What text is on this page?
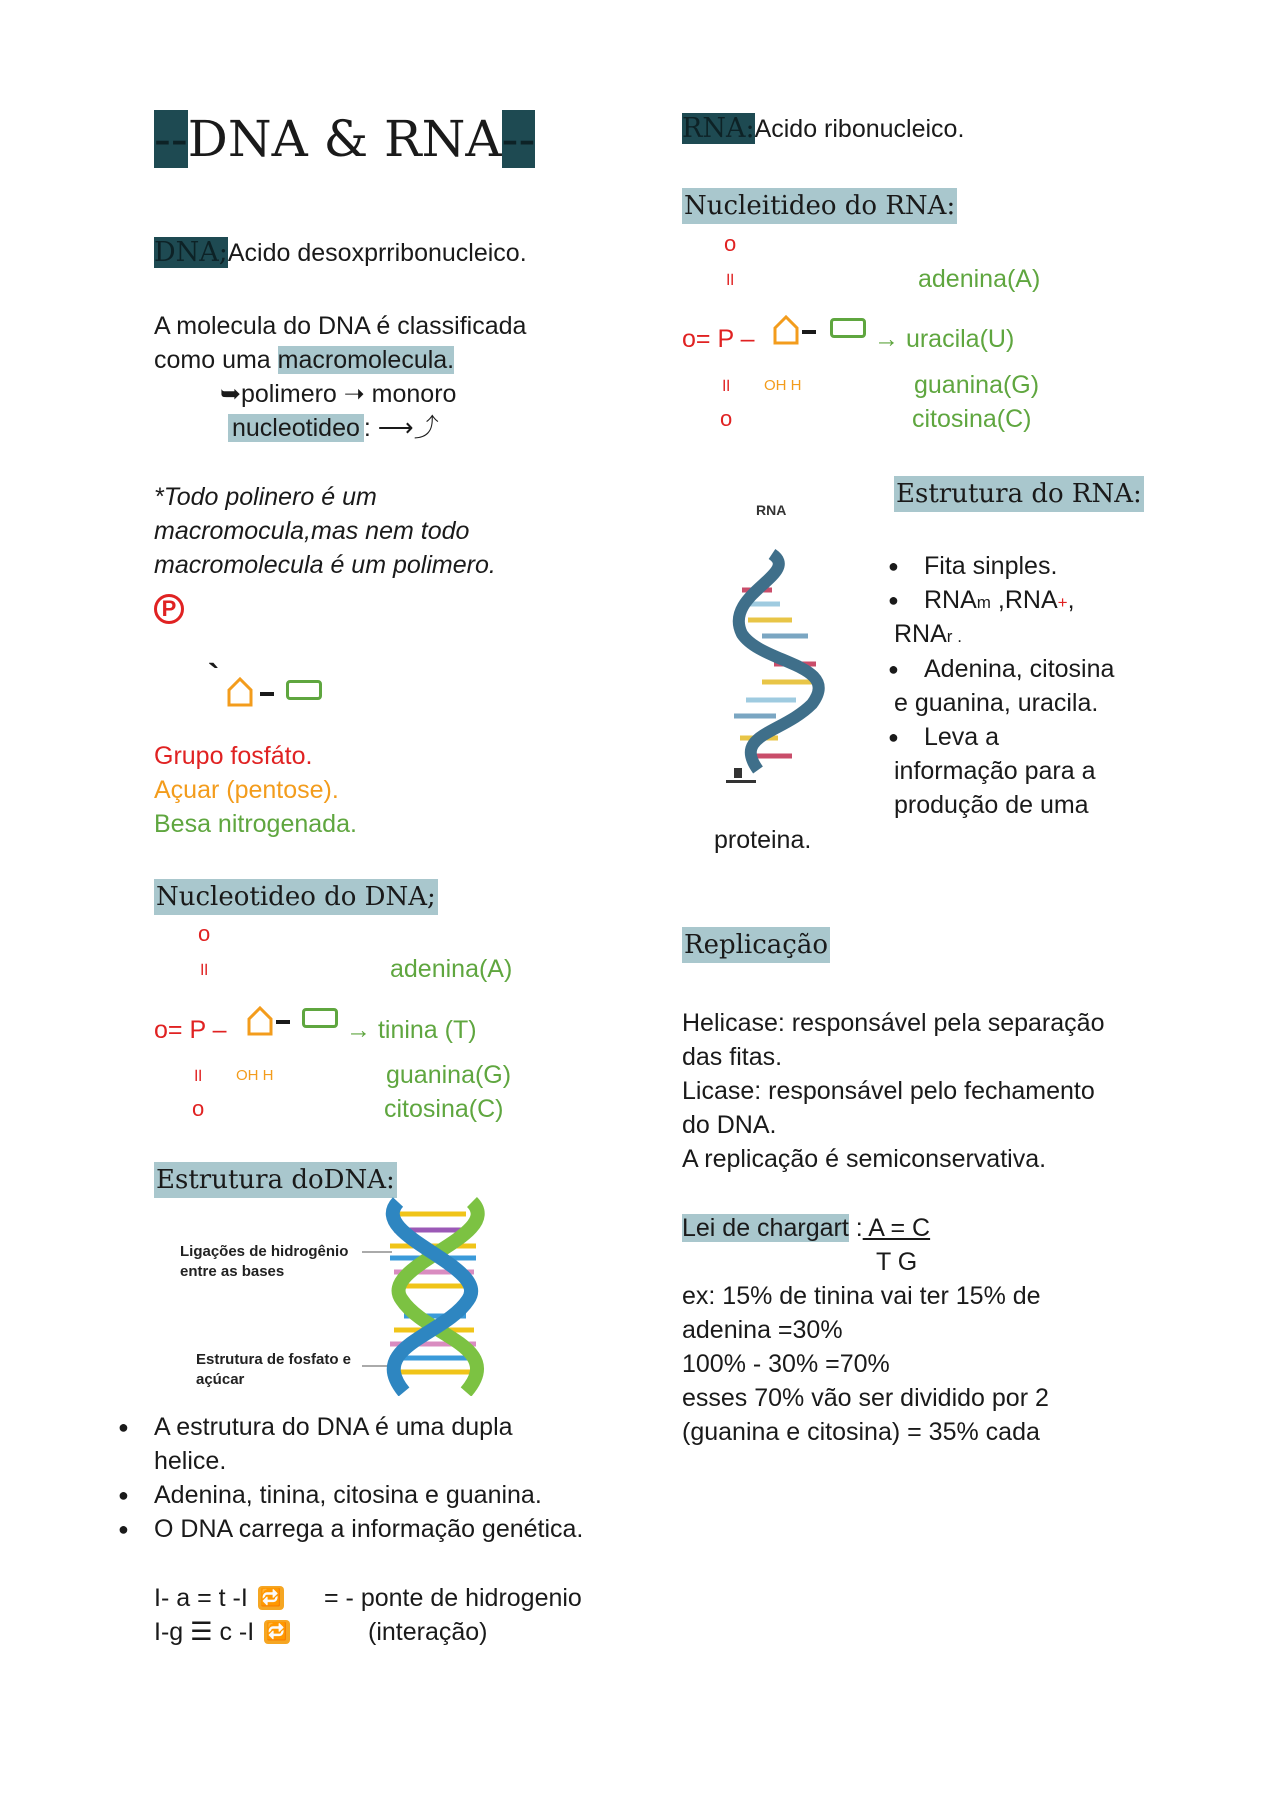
--DNA & RNA--
DNA;Acido desoxprribonucleico.
A molecula do DNA é classificada
como uma macromolecula.
➥polimero ➝ monoro
nucleotideo : ⟶⤴
*Todo polinero é um
macromocula,mas nem todo
macromolecula é um polimero.
P
`
Grupo fosfáto.
Açuar (pentose).
Besa nitrogenada.
Nucleotideo do DNA;
o
॥	adenina(A)
o= P –	→ tinina (T)
॥ OH H	guanina(G)
o	citosina(C)
Estrutura doDNA:
Ligações de hidrogênio
entre as bases
Estrutura de fosfato e
açúcar
● A estrutura do DNA é uma dupla
helice.
● Adenina, tinina, citosina e guanina.
● O DNA carrega a informação genética.
I- a = t -I 🔁 = - ponte de hidrogenio
I-g ☰ c -I 🔁	(interação)
RNA:Acido ribonucleico.
Nucleitideo do RNA:
o
॥	adenina(A)
o= P –	→ uracila(U)
॥ OH H	guanina(G)
o	citosina(C)
Estrutura do RNA:
RNA
● Fita sinples.
● RNAm ,RNA+,
RNAr .
● Adenina, citosina
e guanina, uracila.
● Leva a
informação para a
produção de uma
proteina.
Replicação
Helicase: responsável pela separação
das fitas.
Licase: responsável pelo fechamento
do DNA.
A replicação é semiconservativa.
Lei de chargart : A = C
T G
ex: 15% de tinina vai ter 15% de
adenina =30%
100% - 30% =70%
esses 70% vão ser dividido por 2
(guanina e citosina) = 35% cada
